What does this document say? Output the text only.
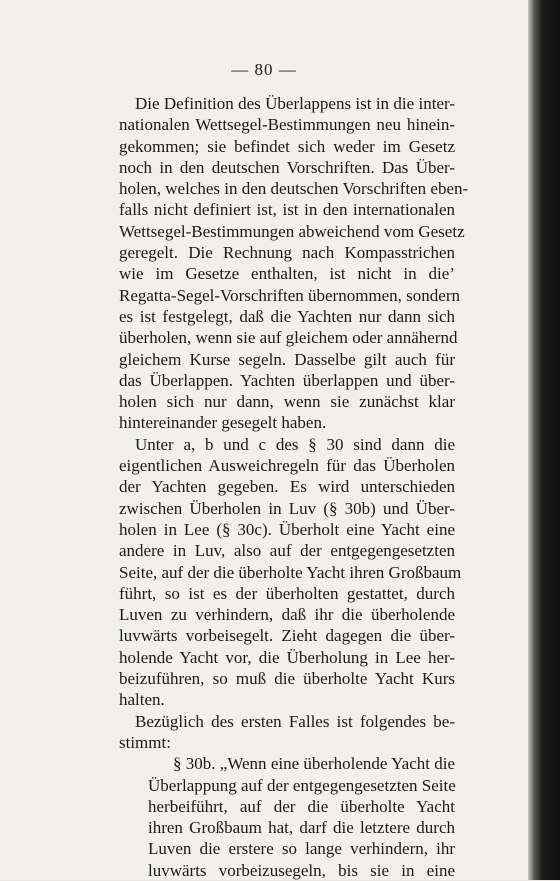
— 80 —
Die Definition des Überlappens ist in die inter-
nationalen Wettsegel-Bestimmungen neu hinein-
gekommen; sie befindet sich weder im Gesetz
noch in den deutschen Vorschriften. Das Über-
holen, welches in den deutschen Vorschriften eben-
falls nicht definiert ist, ist in den internationalen
Wettsegel-Bestimmungen abweichend vom Gesetz
geregelt. Die Rechnung nach Kompasstrichen
wie im Gesetze enthalten, ist nicht in die’
Regatta-Segel-Vorschriften übernommen, sondern
es ist festgelegt, daß die Yachten nur dann sich
überholen, wenn sie auf gleichem oder annähernd
gleichem Kurse segeln. Dasselbe gilt auch für
das Überlappen. Yachten überlappen und über-
holen sich nur dann, wenn sie zunächst klar
hintereinander gesegelt haben.
Unter a, b und c des § 30 sind dann die
eigentlichen Ausweichregeln für das Überholen
der Yachten gegeben. Es wird unterschieden
zwischen Überholen in Luv (§ 30b) und Über-
holen in Lee (§ 30c). Überholt eine Yacht eine
andere in Luv, also auf der entgegengesetzten
Seite, auf der die überholte Yacht ihren Großbaum
führt, so ist es der überholten gestattet, durch
Luven zu verhindern, daß ihr die überholende
luvwärts vorbeisegelt. Zieht dagegen die über-
holende Yacht vor, die Überholung in Lee her-
beizuführen, so muß die überholte Yacht Kurs
halten.
Bezüglich des ersten Falles ist folgendes be-
stimmt:
§ 30b. „Wenn eine überholende Yacht die
Überlappung auf der entgegengesetzten Seite
herbeiführt, auf der die überholte Yacht
ihren Großbaum hat, darf die letztere durch
Luven die erstere so lange verhindern, ihr
luvwärts vorbeizusegeln, bis sie in eine
